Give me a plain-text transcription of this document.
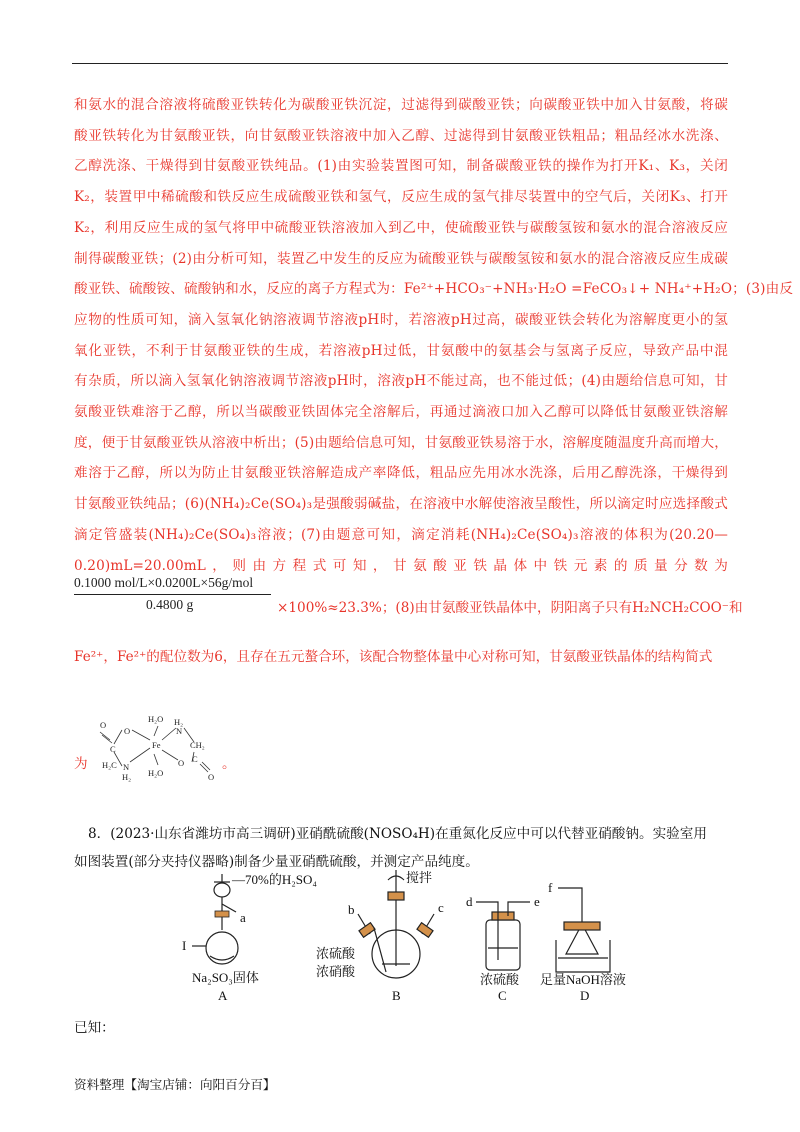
和氨水的混合溶液将硫酸亚铁转化为碳酸亚铁沉淀，过滤得到碳酸亚铁；向碳酸亚铁中加入甘氨酸，将碳

酸亚铁转化为甘氨酸亚铁，向甘氨酸亚铁溶液中加入乙醇、过滤得到甘氨酸亚铁粗品；粗品经冰水洗涤、

乙醇洗涤、干燥得到甘氨酸亚铁纯品。(1)由实验装置图可知，制备碳酸亚铁的操作为打开K₁、K₃，关闭

K₂，装置甲中稀硫酸和铁反应生成硫酸亚铁和氢气，反应生成的氢气排尽装置中的空气后，关闭K₃、打开

K₂，利用反应生成的氢气将甲中硫酸亚铁溶液加入到乙中，使硫酸亚铁与碳酸氢铵和氨水的混合溶液反应

制得碳酸亚铁；(2)由分析可知，装置乙中发生的反应为硫酸亚铁与碳酸氢铵和氨水的混合溶液反应生成碳

酸亚铁、硫酸铵、硫酸钠和水，反应的离子方程式为：Fe²⁺+HCO₃⁻+NH₃·H₂O =FeCO₃↓+ NH₄⁺+H₂O；(3)由反

应物的性质可知，滴入氢氧化钠溶液调节溶液pH时，若溶液pH过高，碳酸亚铁会转化为溶解度更小的氢

氧化亚铁，不利于甘氨酸亚铁的生成，若溶液pH过低，甘氨酸中的氨基会与氢离子反应，导致产品中混

有杂质，所以滴入氢氧化钠溶液调节溶液pH时，溶液pH不能过高，也不能过低；(4)由题给信息可知，甘

氨酸亚铁难溶于乙醇，所以当碳酸亚铁固体完全溶解后，再通过滴液口加入乙醇可以降低甘氨酸亚铁溶解

度，便于甘氨酸亚铁从溶液中析出；(5)由题给信息可知，甘氨酸亚铁易溶于水，溶解度随温度升高而增大，

难溶于乙醇，所以为防止甘氨酸亚铁溶解造成产率降低，粗品应先用冰水洗涤，后用乙醇洗涤，干燥得到

甘氨酸亚铁纯品；(6)(NH₄)₂Ce(SO₄)₃是强酸弱碱盐，在溶液中水解使溶液呈酸性，所以滴定时应选择酸式

滴定管盛装(NH₄)₂Ce(SO₄)₃溶液；(7)由题意可知，滴定消耗(NH₄)₂Ce(SO₄)₃溶液的体积为(20.20—

0.20)mL=20.00mL，则由方程式可知，甘氨酸亚铁晶体中铁元素的质量分数为

0.1000 mol/L×0.0200L×56g/mol
0.4800 g	×100%≈23.3%；(8)由甘氨酸亚铁晶体中，阴阳离子只有H₂NCH₂COO⁻和
Fe²⁺，Fe²⁺的配位数为6，且存在五元螯合环，该配合物整体量中心对称可知，甘氨酸亚铁晶体的结构简式
为
Fe
H₂O
H₂O
H₂
N
N
H₂
O
O
O
O
C
C
H₂C
CH₂
。
8．(2023·山东省潍坊市高三调研)亚硝酰硫酸(NOSO₄H)在重氮化反应中可以代替亚硝酸钠。实验室用
如图装置(部分夹持仪器略)制备少量亚硝酰硫酸，并测定产品纯度。
—70%的H₂SO₄
a
I
Na₂SO₃固体
A
搅拌
b	c
浓硫酸
浓硝酸
B
d	e
浓硫酸
C
f
足量NaOH溶液
D
已知：
资料整理【淘宝店铺：向阳百分百】
